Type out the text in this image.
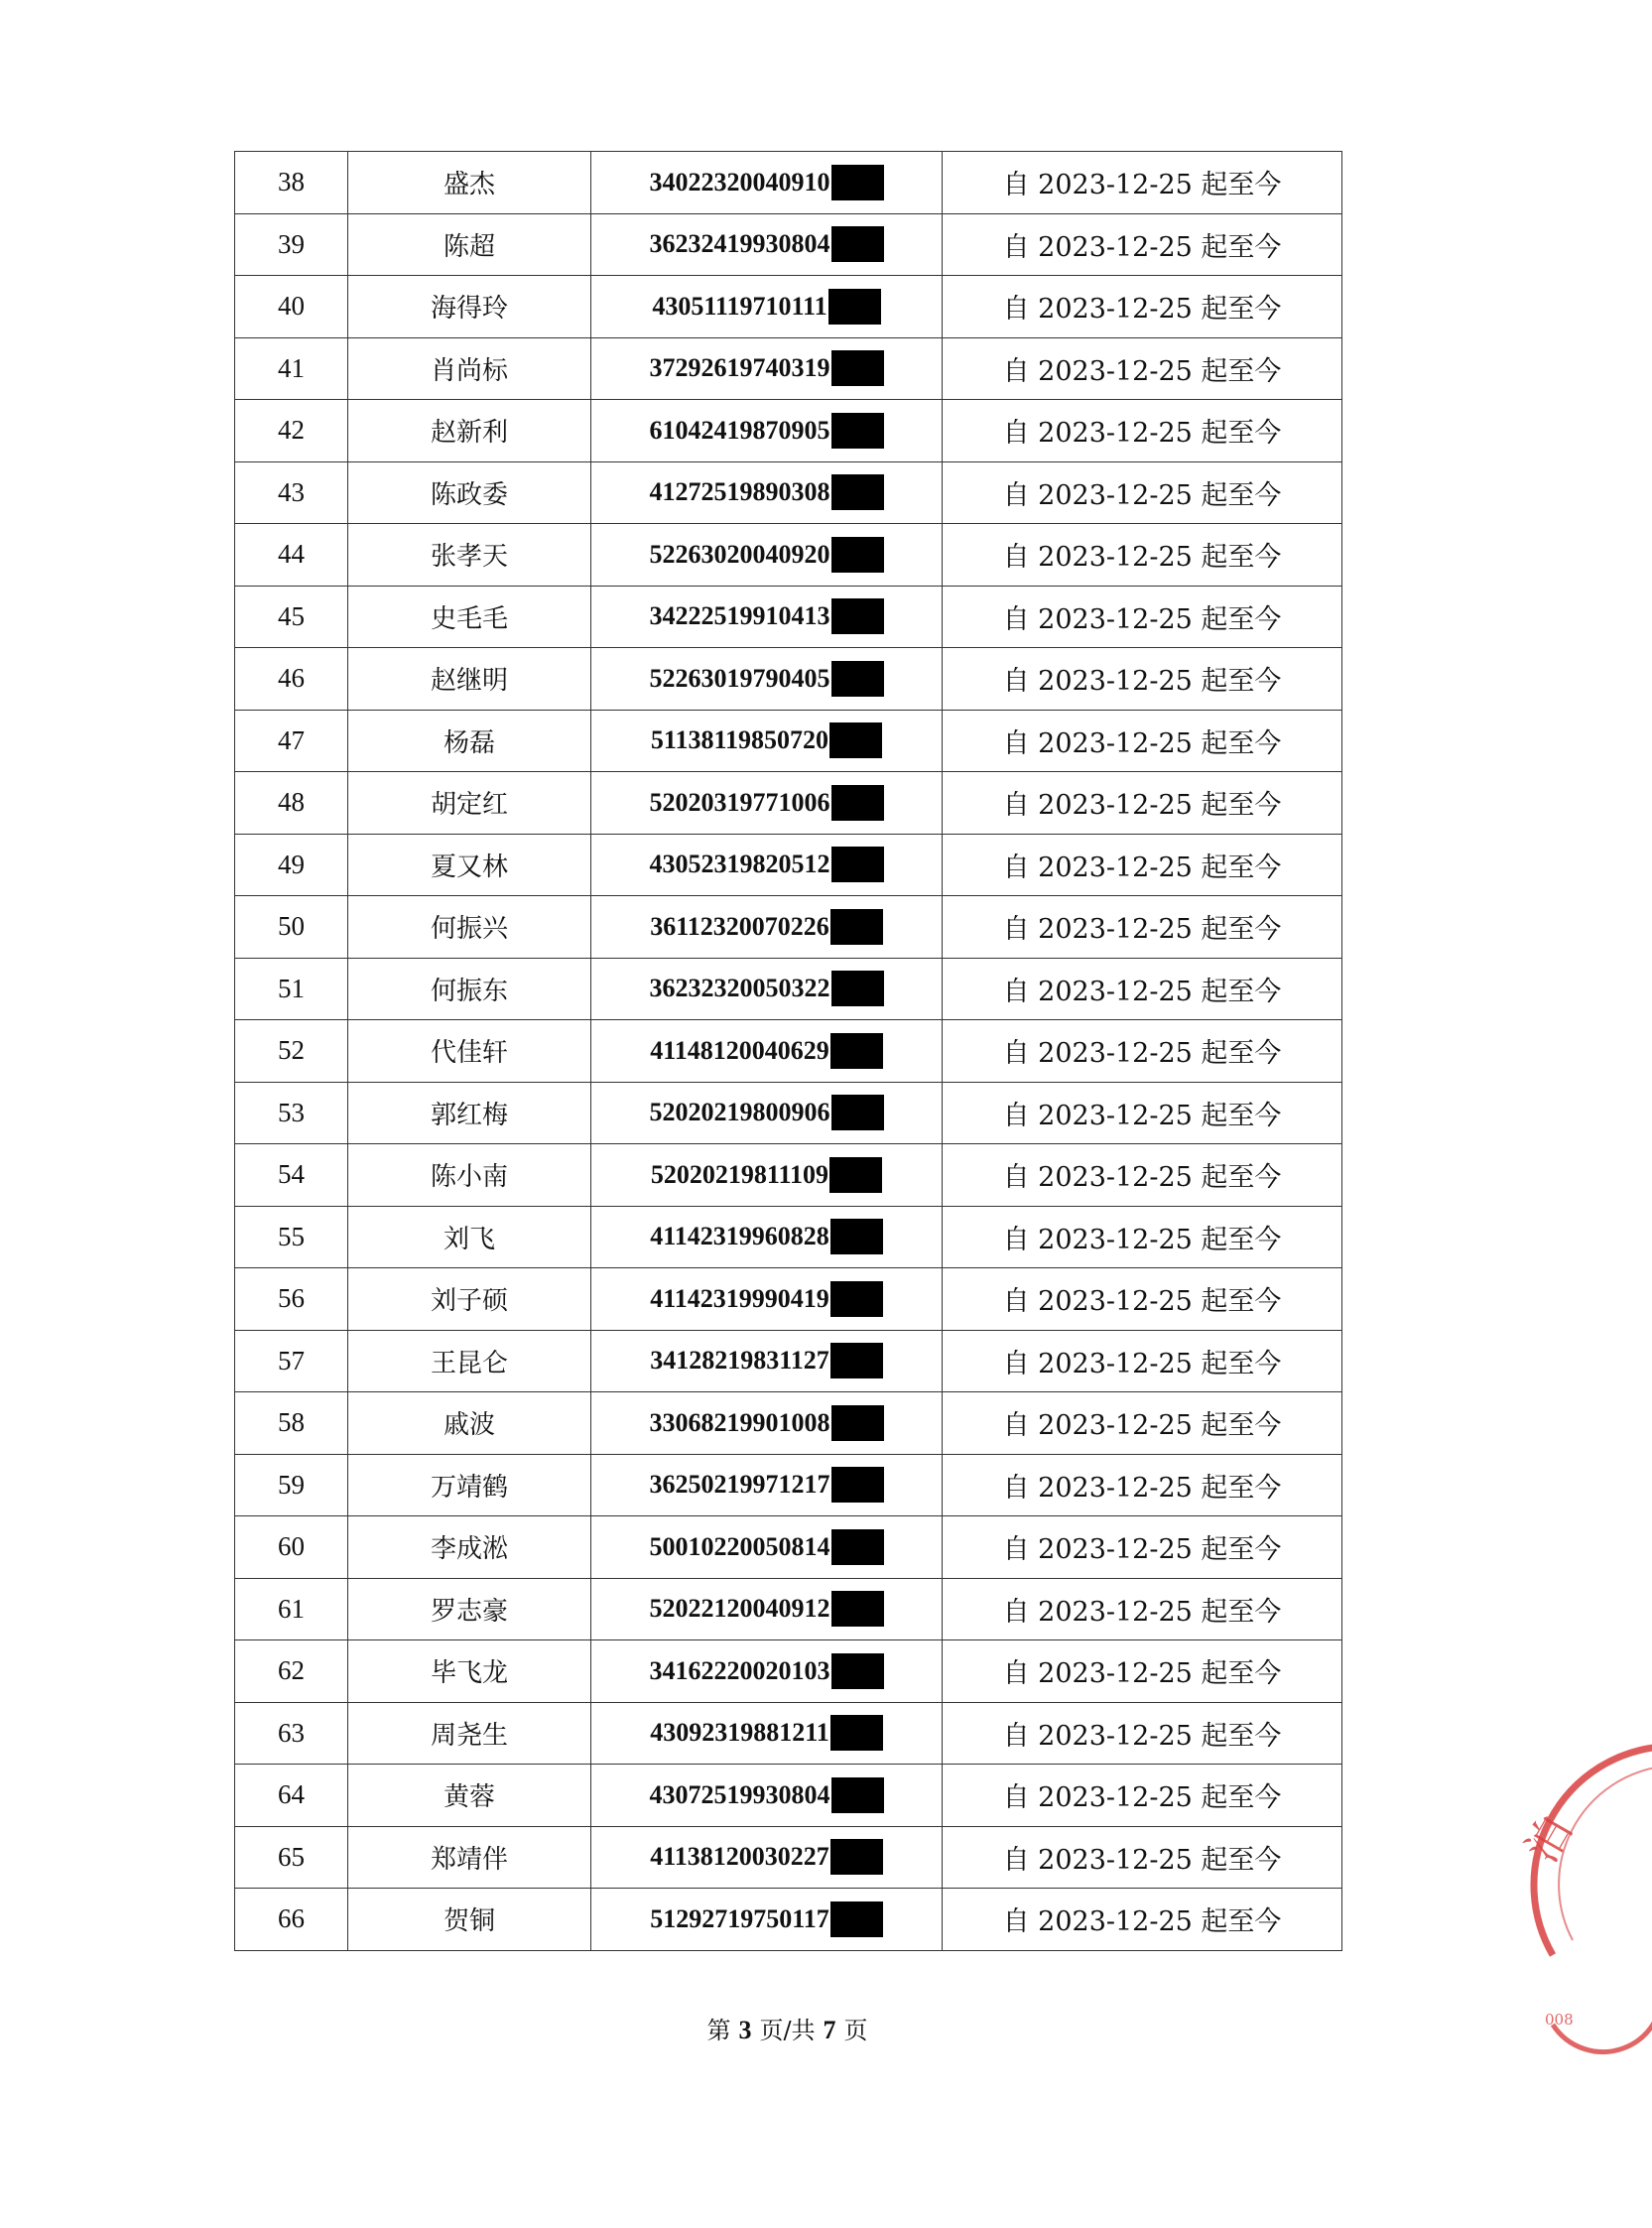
38	盛杰	34022320040910	自 2023-12-25 起至今
39	陈超	36232419930804	自 2023-12-25 起至今
40	海得玲	43051119710111	自 2023-12-25 起至今
41	肖尚标	37292619740319	自 2023-12-25 起至今
42	赵新利	61042419870905	自 2023-12-25 起至今
43	陈政委	41272519890308	自 2023-12-25 起至今
44	张孝天	52263020040920	自 2023-12-25 起至今
45	史毛毛	34222519910413	自 2023-12-25 起至今
46	赵继明	52263019790405	自 2023-12-25 起至今
47	杨磊	51138119850720	自 2023-12-25 起至今
48	胡定红	52020319771006	自 2023-12-25 起至今
49	夏又林	43052319820512	自 2023-12-25 起至今
50	何振兴	36112320070226	自 2023-12-25 起至今
51	何振东	36232320050322	自 2023-12-25 起至今
52	代佳轩	41148120040629	自 2023-12-25 起至今
53	郭红梅	52020219800906	自 2023-12-25 起至今
54	陈小南	52020219811109	自 2023-12-25 起至今
55	刘飞	41142319960828	自 2023-12-25 起至今
56	刘子硕	41142319990419	自 2023-12-25 起至今
57	王昆仑	34128219831127	自 2023-12-25 起至今
58	戚波	33068219901008	自 2023-12-25 起至今
59	万靖鹤	36250219971217	自 2023-12-25 起至今
60	李成淞	50010220050814	自 2023-12-25 起至今
61	罗志豪	52022120040912	自 2023-12-25 起至今
62	毕飞龙	34162220020103	自 2023-12-25 起至今
63	周尧生	43092319881211	自 2023-12-25 起至今
64	黄蓉	43072519930804	自 2023-12-25 起至今
65	郑靖伴	41138120030227	自 2023-12-25 起至今
66	贺铜	51292719750117	自 2023-12-25 起至今
第 3 页/共 7 页
泊
008
